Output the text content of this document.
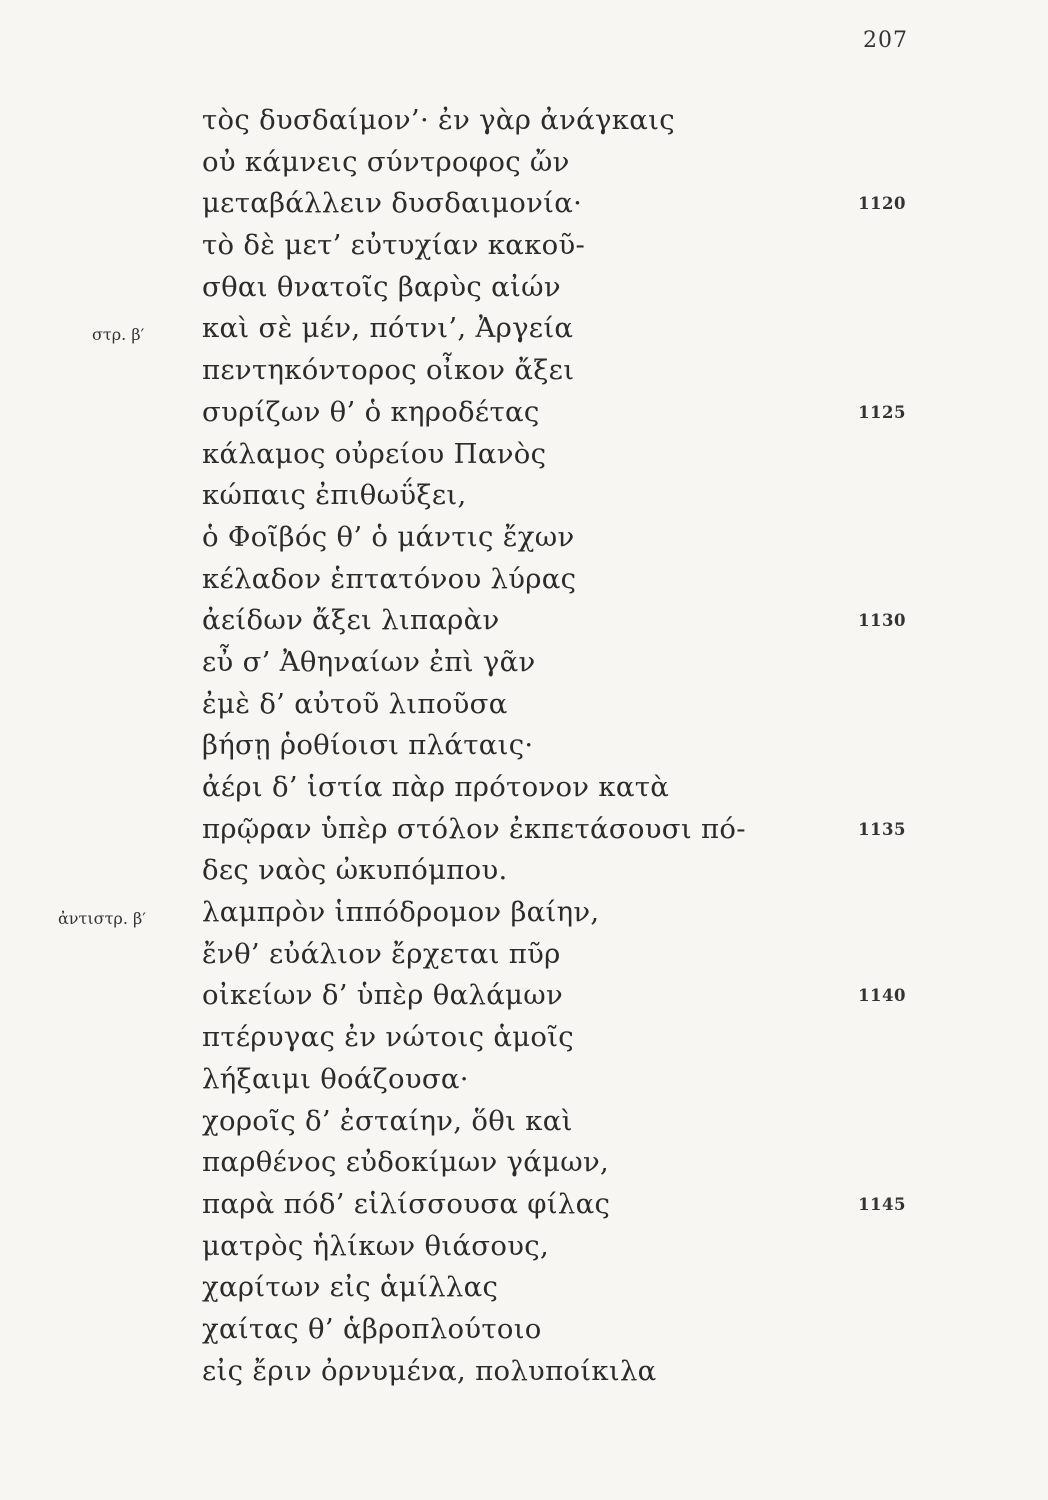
207
τὸς δυσδαίμον’· ἐν γὰρ ἀνάγκαις
οὐ κάμνεις σύντροφος ὤν
μεταβάλλειν δυσδαιμονία·	1120
τὸ δὲ μετ’ εὐτυχίαν κακοῦ-
σθαι θνατοῖς βαρὺς αἰών
στρ. β′ καὶ σὲ μέν, πότνι’, Ἀργεία
πεντηκόντορος οἶκον ἄξει
συρίζων θ’ ὁ κηροδέτας	1125
κάλαμος οὐρείου Πανὸς
κώπαις ἐπιθωΰξει,
ὁ Φοῖβός θ’ ὁ μάντις ἔχων
κέλαδον ἑπτατόνου λύρας
ἀείδων ἄξει λιπαρὰν	1130
εὖ σ’ Ἀθηναίων ἐπὶ γᾶν
ἐμὲ δ’ αὐτοῦ λιποῦσα
βήσῃ ῥοθίοισι πλάταις·
ἀέρι δ’ ἱστία πὰρ πρότονον κατὰ
πρῷραν ὑπὲρ στόλον ἐκπετάσουσι πό-	1135
δες ναὸς ὠκυπόμπου.
ἀντιστρ. β′ λαμπρὸν ἱππόδρομον βαίην,
ἔνθ’ εὐάλιον ἔρχεται πῦρ
οἰκείων δ’ ὑπὲρ θαλάμων	1140
πτέρυγας ἐν νώτοις ἁμοῖς
λήξαιμι θοάζουσα·
χοροῖς δ’ ἐσταίην, ὅθι καὶ
παρθένος εὐδοκίμων γάμων,
παρὰ πόδ’ εἱλίσσουσα φίλας	1145
ματρὸς ἡλίκων θιάσους,
χαρίτων εἰς ἁμίλλας
χαίτας θ’ ἁβροπλούτοιο
εἰς ἔριν ὀρνυμένα, πολυποίκιλα
